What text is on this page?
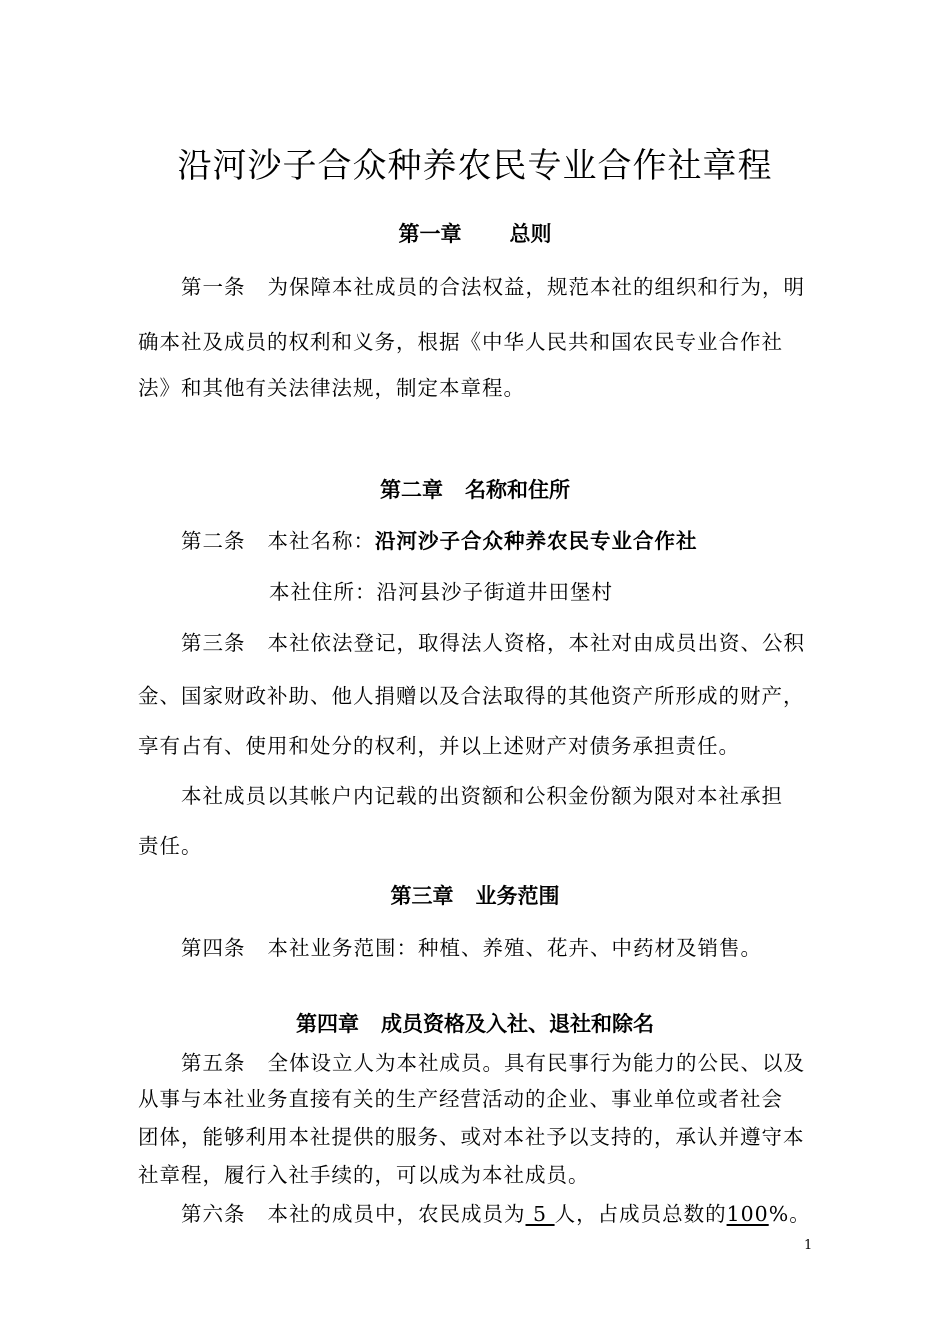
沿河沙子合众种养农民专业合作社章程
第一章 总则
第一条 为保障本社成员的合法权益，规范本社的组织和行为，明
确本社及成员的权利和义务，根据《中华人民共和国农民专业合作社
法》和其他有关法律法规，制定本章程。
第二章 名称和住所
第二条 本社名称：沿河沙子合众种养农民专业合作社
本社住所：沿河县沙子街道井田堡村
第三条 本社依法登记，取得法人资格，本社对由成员出资、公积
金、国家财政补助、他人捐赠以及合法取得的其他资产所形成的财产，
享有占有、使用和处分的权利，并以上述财产对债务承担责任。
本社成员以其帐户内记载的出资额和公积金份额为限对本社承担
责任。
第三章 业务范围
第四条 本社业务范围：种植、养殖、花卉、中药材及销售。
第四章 成员资格及入社、退社和除名
第五条 全体设立人为本社成员。具有民事行为能力的公民、以及
从事与本社业务直接有关的生产经营活动的企业、事业单位或者社会
团体，能够利用本社提供的服务、或对本社予以支持的，承认并遵守本
社章程，履行入社手续的，可以成为本社成员。
第六条 本社的成员中，农民成员为 5 人，占成员总数的100%。
1
